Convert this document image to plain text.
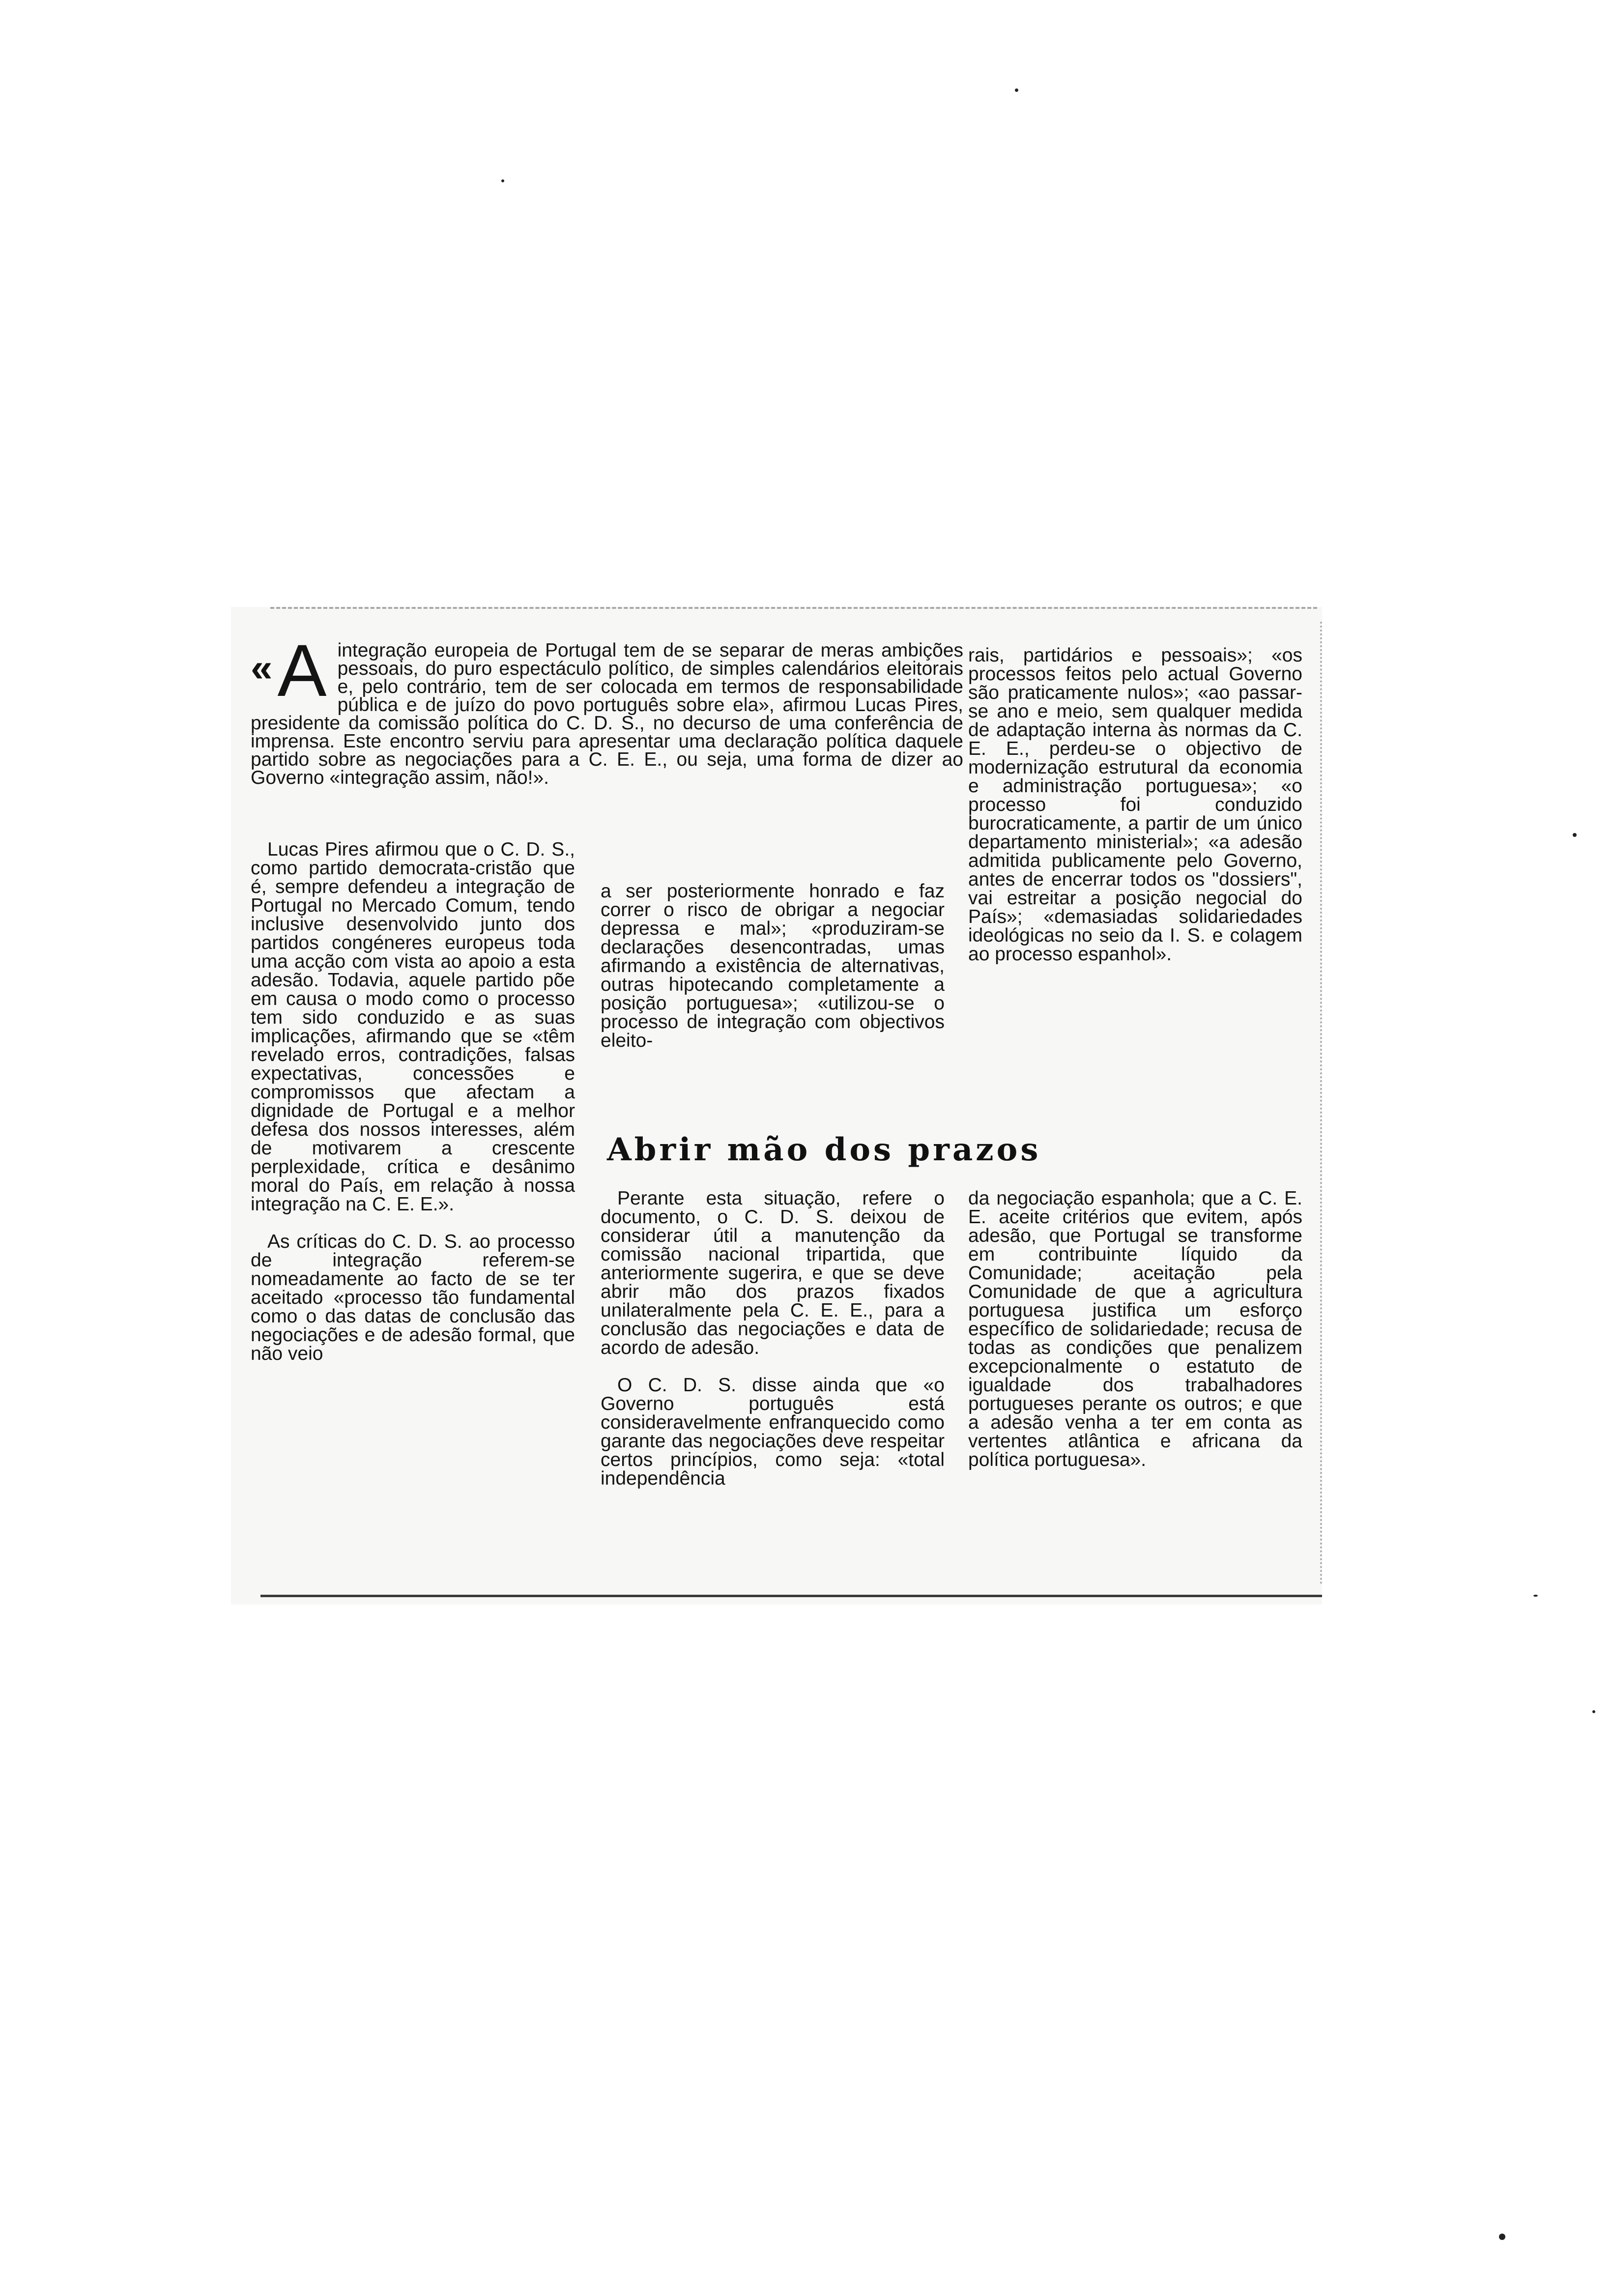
« A integração europeia de Portugal tem de se separar de meras ambições pessoais, do puro espectáculo político, de simples calendários eleitorais e, pelo contrário, tem de ser colocada em termos de responsabilidade pública e de juízo do povo português sobre ela», afirmou Lucas Pires, presidente da comissão política do C. D. S., no decurso de uma conferência de imprensa. Este encontro serviu para apresentar uma declaração política daquele partido sobre as negociações para a C. E. E., ou seja, uma forma de dizer ao Governo «integração assim, não!».

Lucas Pires afirmou que o C. D. S., como partido democrata-cristão que é, sempre defendeu a integração de Portugal no Mercado Comum, tendo inclusive desenvolvido junto dos partidos congéneres europeus toda uma acção com vista ao apoio a esta adesão. Todavia, aquele partido põe em causa o modo como o processo tem sido conduzido e as suas implicações, afirmando que se «têm revelado erros, contradições, falsas expectativas, concessões e compromissos que afectam a dignidade de Portugal e a melhor defesa dos nossos interesses, além de motivarem a crescente perplexidade, crítica e desânimo moral do País, em relação à nossa integração na C. E. E.».

As críticas do C. D. S. ao processo de integração referem-se nomeadamente ao facto de se ter aceitado «processo tão fundamental como o das datas de conclusão das negociações e de adesão formal, que não veio

a ser posteriormente honrado e faz correr o risco de obrigar a negociar depressa e mal»; «produziram-se declarações desencontradas, umas afirmando a existência de alternativas, outras hipotecando completamente a posição portuguesa»; «utilizou-se o processo de integração com objectivos eleito-

rais, partidários e pessoais»; «os processos feitos pelo actual Governo são praticamente nulos»; «ao passar-se ano e meio, sem qualquer medida de adaptação interna às normas da C. E. E., perdeu-se o objectivo de modernização estrutural da economia e administração portuguesa»; «o processo foi conduzido burocraticamente, a partir de um único departamento ministerial»; «a adesão admitida publicamente pelo Governo, antes de encerrar todos os "dossiers", vai estreitar a posição negocial do País»; «demasiadas solidariedades ideológicas no seio da I. S. e colagem ao processo espanhol».

Abrir mão dos prazos

Perante esta situação, refere o documento, o C. D. S. deixou de considerar útil a manutenção da comissão nacional tripartida, que anteriormente sugerira, e que se deve abrir mão dos prazos fixados unilateralmente pela C. E. E., para a conclusão das negociações e data de acordo de adesão.

O C. D. S. disse ainda que «o Governo português está consideravelmente enfranquecido como garante das negociações deve respeitar certos princípios, como seja: «total independência

da negociação espanhola; que a C. E. E. aceite critérios que evitem, após adesão, que Portugal se transforme em contribuinte líquido da Comunidade; aceitação pela Comunidade de que a agricultura portuguesa justifica um esforço específico de solidariedade; recusa de todas as condições que penalizem excepcionalmente o estatuto de igualdade dos trabalhadores portugueses perante os outros; e que a adesão venha a ter em conta as vertentes atlântica e africana da política portuguesa».
